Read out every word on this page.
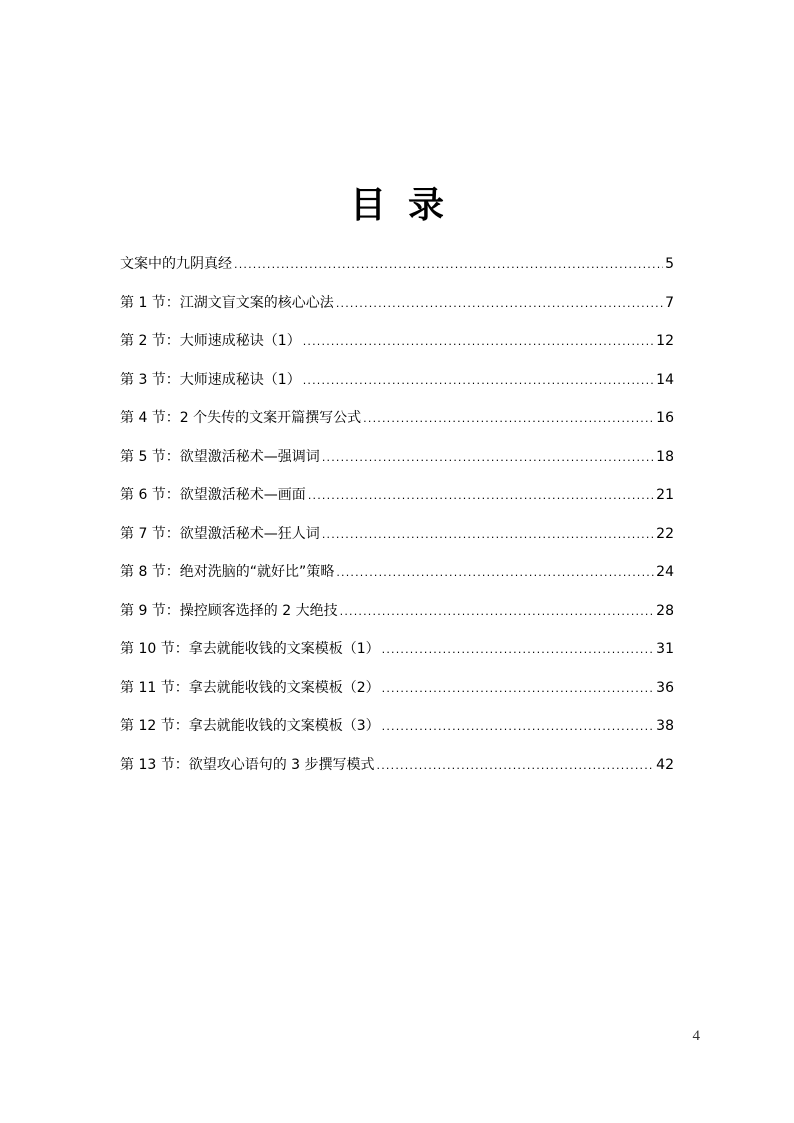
目录
文案中的九阴真经 .....	5
第 1 节：江湖文盲文案的核心心法 .....	7
第 2 节：大师速成秘诀（1） .....	12
第 3 节：大师速成秘诀（1） .....	14
第 4 节：2 个失传的文案开篇撰写公式 .....	16
第 5 节：欲望激活秘术—强调词 .....	18
第 6 节：欲望激活秘术—画面 .....	21
第 7 节：欲望激活秘术—狂人词 .....	22
第 8 节：绝对洗脑的“就好比”策略 .....	24
第 9 节：操控顾客选择的 2 大绝技 .....	28
第 10 节：拿去就能收钱的文案模板（1） .....	31
第 11 节：拿去就能收钱的文案模板（2） .....	36
第 12 节：拿去就能收钱的文案模板（3） .....	38
第 13 节：欲望攻心语句的 3 步撰写模式 .....	42
4
